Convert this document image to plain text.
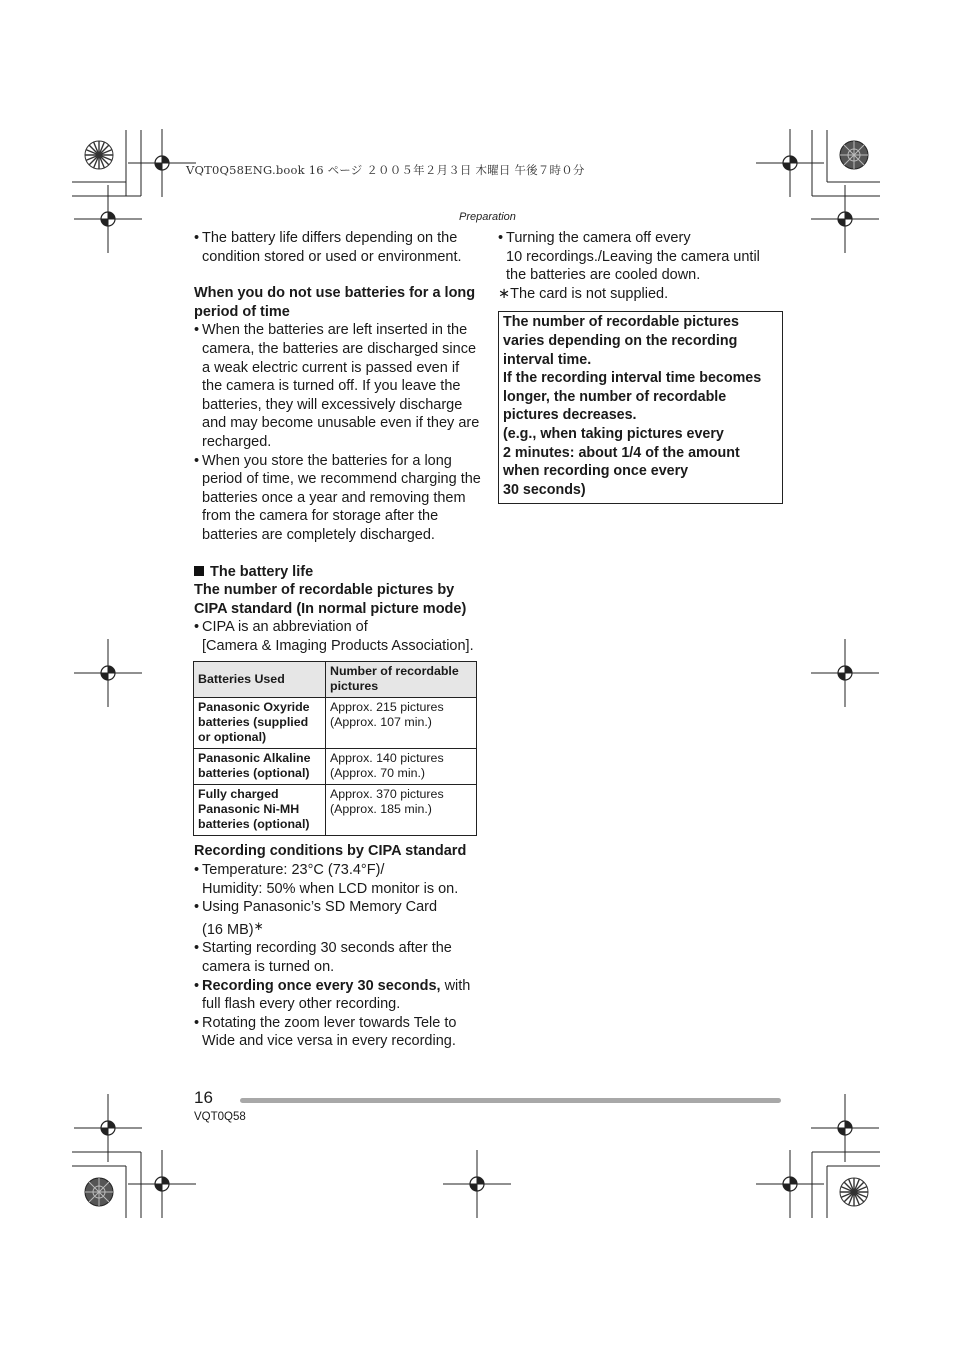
VQT0Q58ENG.book 16 ページ ２００５年２月３日 木曜日 午後７時０分
Preparation
• The battery life differs depending on the condition stored or used or environment.
When you do not use batteries for a long period of time
• When the batteries are left inserted in the camera, the batteries are discharged since a weak electric current is passed even if the camera is turned off. If you leave the batteries, they will excessively discharge and may become unusable even if they are recharged.
• When you store the batteries for a long period of time, we recommend charging the batteries once a year and removing them from the camera for storage after the batteries are completely discharged.
The battery life
The number of recordable pictures by CIPA standard (In normal picture mode)
• CIPA is an abbreviation of
[Camera & Imaging Products Association].
Batteries Used	Number of recordable pictures
Panasonic Oxyride batteries (supplied or optional)	Approx. 215 pictures
(Approx. 107 min.)

Panasonic Alkaline batteries (optional)	Approx. 140 pictures
(Approx. 70 min.)

Fully charged Panasonic Ni-MH batteries (optional)	Approx. 370 pictures
(Approx. 185 min.)
Recording conditions by CIPA standard
• Temperature: 23°C (73.4°F)/
Humidity: 50% when LCD monitor is on.
• Using Panasonic’s SD Memory Card
(16 MB)∗
• Starting recording 30 seconds after the camera is turned on.
• Recording once every 30 seconds, with full flash every other recording.
• Rotating the zoom lever towards Tele to Wide and vice versa in every recording.
• Turning the camera off every
10 recordings./Leaving the camera until the batteries are cooled down.
∗The card is not supplied.
The number of recordable pictures varies depending on the recording interval time.
If the recording interval time becomes longer, the number of recordable pictures decreases.
(e.g., when taking pictures every
2 minutes: about 1/4 of the amount when recording once every
30 seconds)
16
VQT0Q58
